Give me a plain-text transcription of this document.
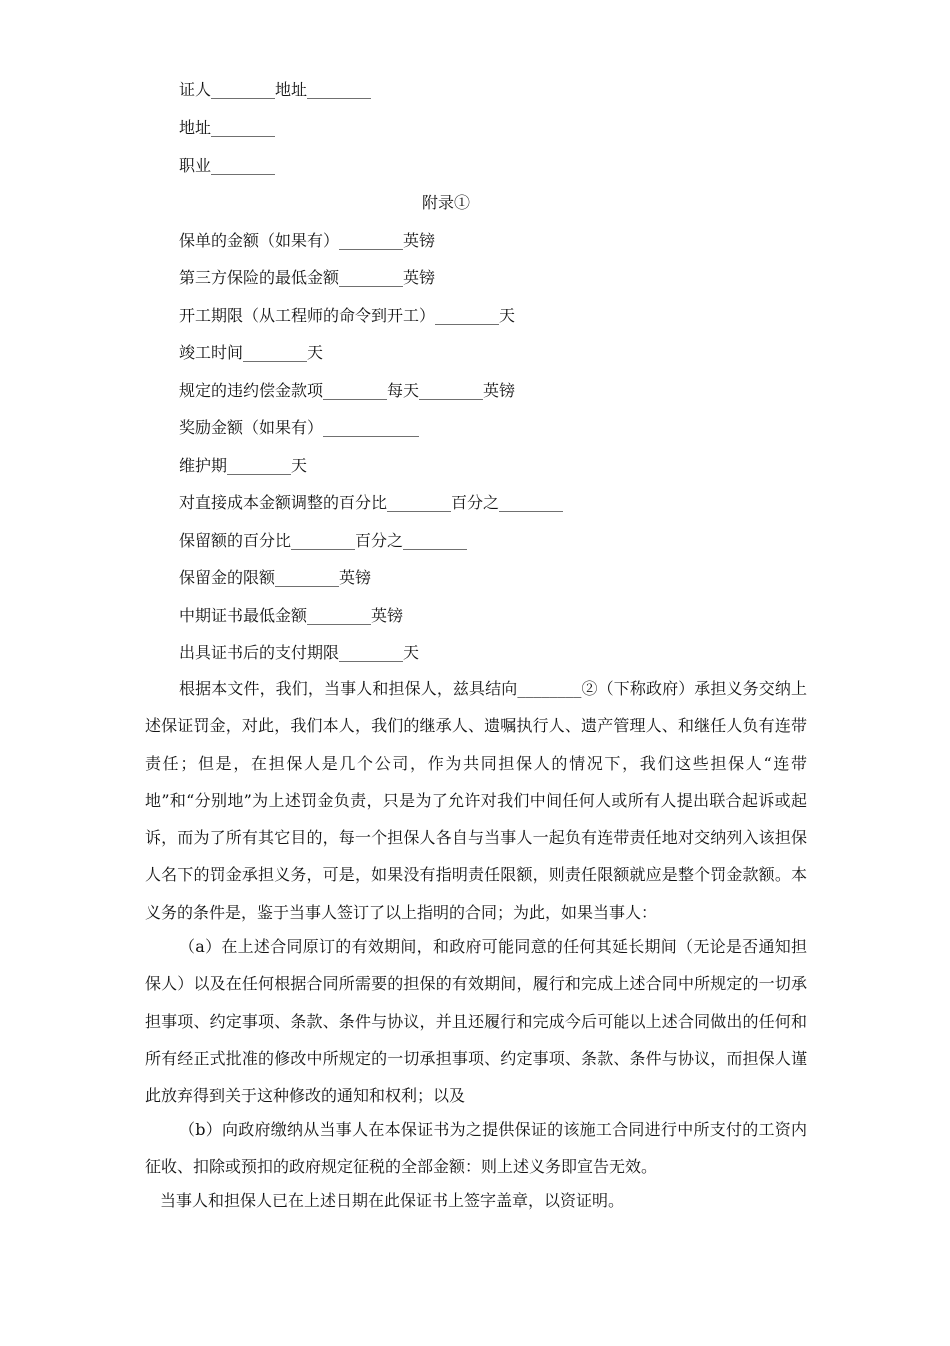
证人________地址________
地址________
职业________
附录①
保单的金额（如果有）________英镑
第三方保险的最低金额________英镑
开工期限（从工程师的命令到开工）________天
竣工时间________天
规定的违约偿金款项________每天________英镑
奖励金额（如果有）____________
维护期________天
对直接成本金额调整的百分比________百分之________
保留额的百分比________百分之________
保留金的限额________英镑
中期证书最低金额________英镑
出具证书后的支付期限________天

根据本文件，我们，当事人和担保人，兹具结向________②（下称政府）承担义务交纳上述保证罚金，对此，我们本人，我们的继承人、遗嘱执行人、遗产管理人、和继任人负有连带责任；但是，在担保人是几个公司，作为共同担保人的情况下，我们这些担保人“连带地”和“分别地”为上述罚金负责，只是为了允许对我们中间任何人或所有人提出联合起诉或起诉，而为了所有其它目的，每一个担保人各自与当事人一起负有连带责任地对交纳列入该担保人名下的罚金承担义务，可是，如果没有指明责任限额，则责任限额就应是整个罚金款额。本义务的条件是，鉴于当事人签订了以上指明的合同；为此，如果当事人：

（a）在上述合同原订的有效期间，和政府可能同意的任何其延长期间（无论是否通知担保人）以及在任何根据合同所需要的担保的有效期间，履行和完成上述合同中所规定的一切承担事项、约定事项、条款、条件与协议，并且还履行和完成今后可能以上述合同做出的任何和所有经正式批准的修改中所规定的一切承担事项、约定事项、条款、条件与协议，而担保人谨此放弃得到关于这种修改的通知和权利；以及

（b）向政府缴纳从当事人在本保证书为之提供保证的该施工合同进行中所支付的工资内征收、扣除或预扣的政府规定征税的全部金额：则上述义务即宣告无效。

当事人和担保人已在上述日期在此保证书上签字盖章，以资证明。
